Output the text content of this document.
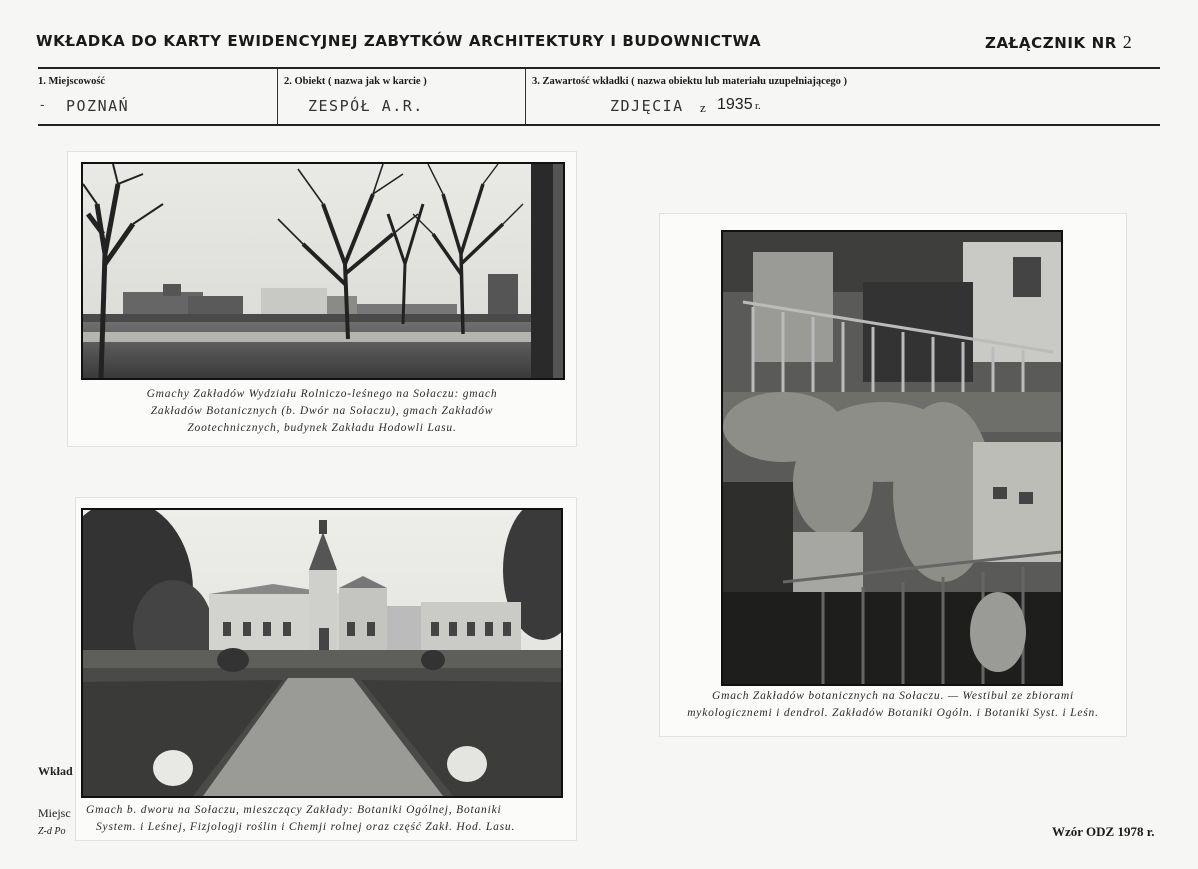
WKŁADKA DO KARTY EWIDENCYJNEJ ZABYTKÓW ARCHITEKTURY I BUDOWNICTWA	ZAŁĄCZNIK NR 2
1. Miejscowość	2. Obiekt ( nazwa jak w karcie )	3. Zawartość wkładki ( nazwa obiektu lub materiału uzupełniającego )
- POZNAŃ	ZESPÓŁ A.R.	ZDJĘCIA z 1935 r.
Wkład
Miejsc
Z-d Po
Gmachy Zakładów Wydziału Rolniczo-leśnego na Sołaczu: gmach
Zakładów Botanicznych (b. Dwór na Sołaczu), gmach Zakładów
Zootechnicznych, budynek Zakładu Hodowli Lasu.
Gmach Zakładów botanicznych na Sołaczu. — Westibul ze zbiorami
mykologicznemi i dendrol. Zakładów Botaniki Ogóln. i Botaniki Syst. i Leśn.
Gmach b. dworu na Sołaczu, mieszczący Zakłady: Botaniki Ogólnej, Botaniki
System. i Leśnej, Fizjologji roślin i Chemji rolnej oraz część Zakł. Hod. Lasu.	Wzór ODZ 1978 r.
